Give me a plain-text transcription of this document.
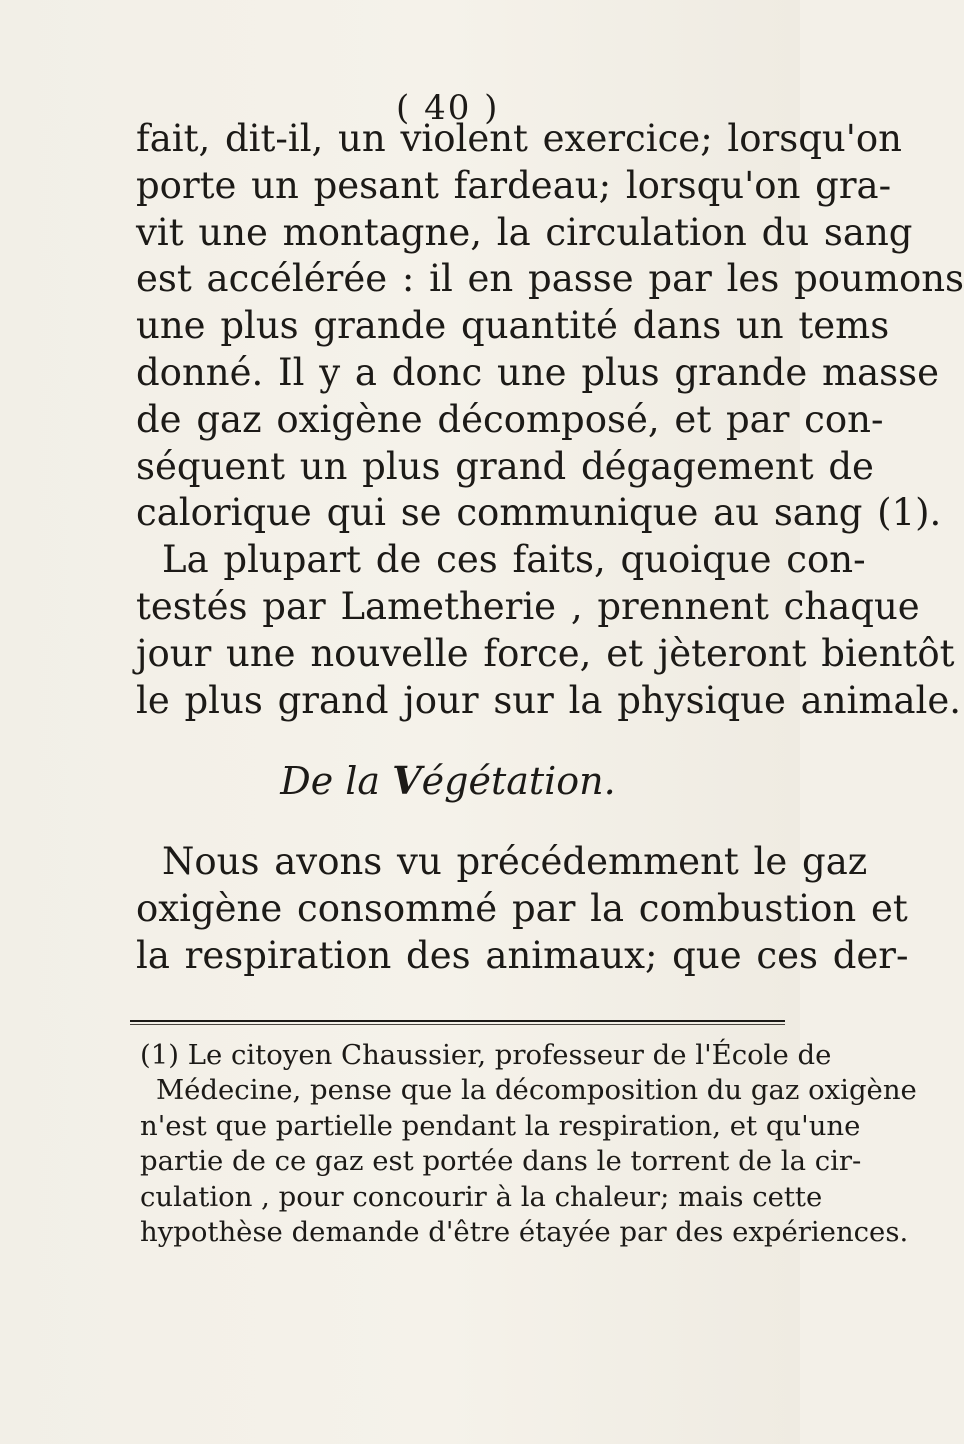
( 40 )
fait, dit-il, un violent exercice; lorsqu'on
porte un pesant fardeau; lorsqu'on gra-
vit une montagne, la circulation du sang
est accélérée : il en passe par les poumons
une plus grande quantité dans un tems
donné. Il y a donc une plus grande masse
de gaz oxigène décomposé, et par con-
séquent un plus grand dégagement de
calorique qui se communique au sang (1).
La plupart de ces faits, quoique con-
testés par Lametherie , prennent chaque
jour une nouvelle force, et jèteront bientôt
le plus grand jour sur la physique animale.
De la Végétation.
Nous avons vu précédemment le gaz
oxigène consommé par la combustion et
la respiration des animaux; que ces der-
(1) Le citoyen Chaussier, professeur de l'École de
Médecine, pense que la décomposition du gaz oxigène
n'est que partielle pendant la respiration, et qu'une
partie de ce gaz est portée dans le torrent de la cir-
culation , pour concourir à la chaleur; mais cette
hypothèse demande d'être étayée par des expériences.
